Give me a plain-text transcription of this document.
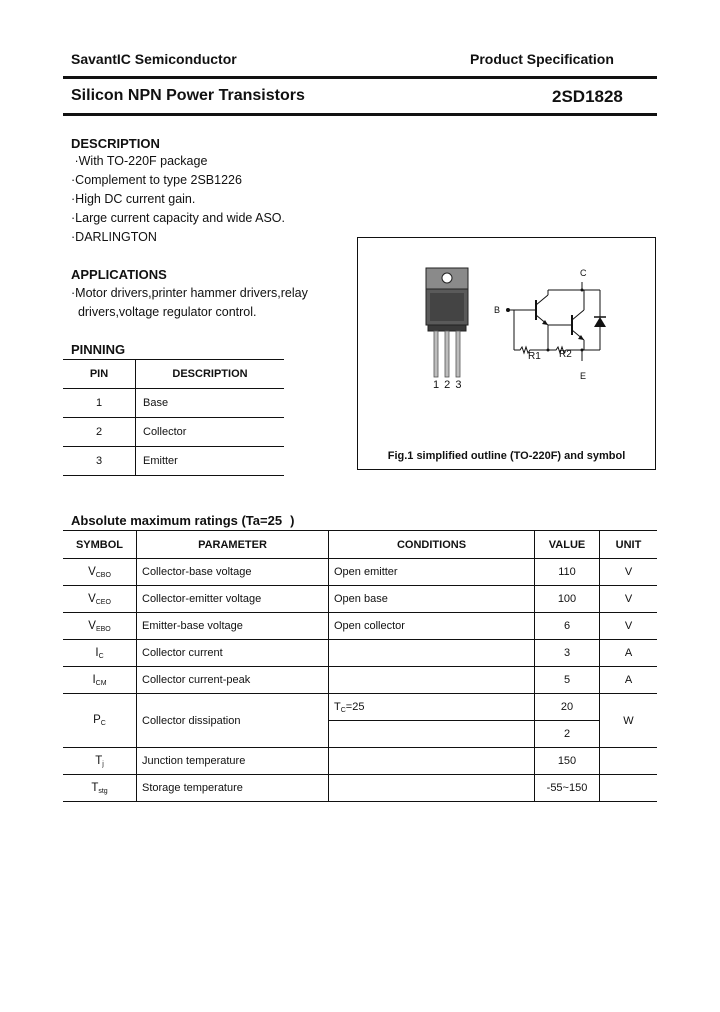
SavantIC Semiconductor	Product Specification
Silicon NPN Power Transistors	2SD1828
DESCRIPTION
·With TO-220F package
·Complement to type 2SB1226
·High DC current gain.
·Large current capacity and wide ASO.
·DARLINGTON
APPLICATIONS
·Motor drivers,printer hammer drivers,relay
drivers,voltage regulator control.
PINNING
PIN	DESCRIPTION
1	Base
2	Collector
3	Emitter
1 2 3
C
B
E
R1 R2
Fig.1 simplified outline (TO-220F) and symbol
Absolute maximum ratings (Ta=25 )
SYMBOL	PARAMETER	CONDITIONS	VALUE	UNIT
$V_{CBO}$	Collector-base voltage	Open emitter	110	V
$V_{CEO}$	Collector-emitter voltage	Open base	100	V
$V_{EBO}$	Emitter-base voltage	Open collector	6	V
$I_C$	Collector current		3	A
$I_{CM}$	Collector current-peak		5	A
$P_C$	Collector dissipation	$T_C=25$	20	W
			2	
$T_j$	Junction temperature		150	
$T_{stg}$	Storage temperature		-55~150	
